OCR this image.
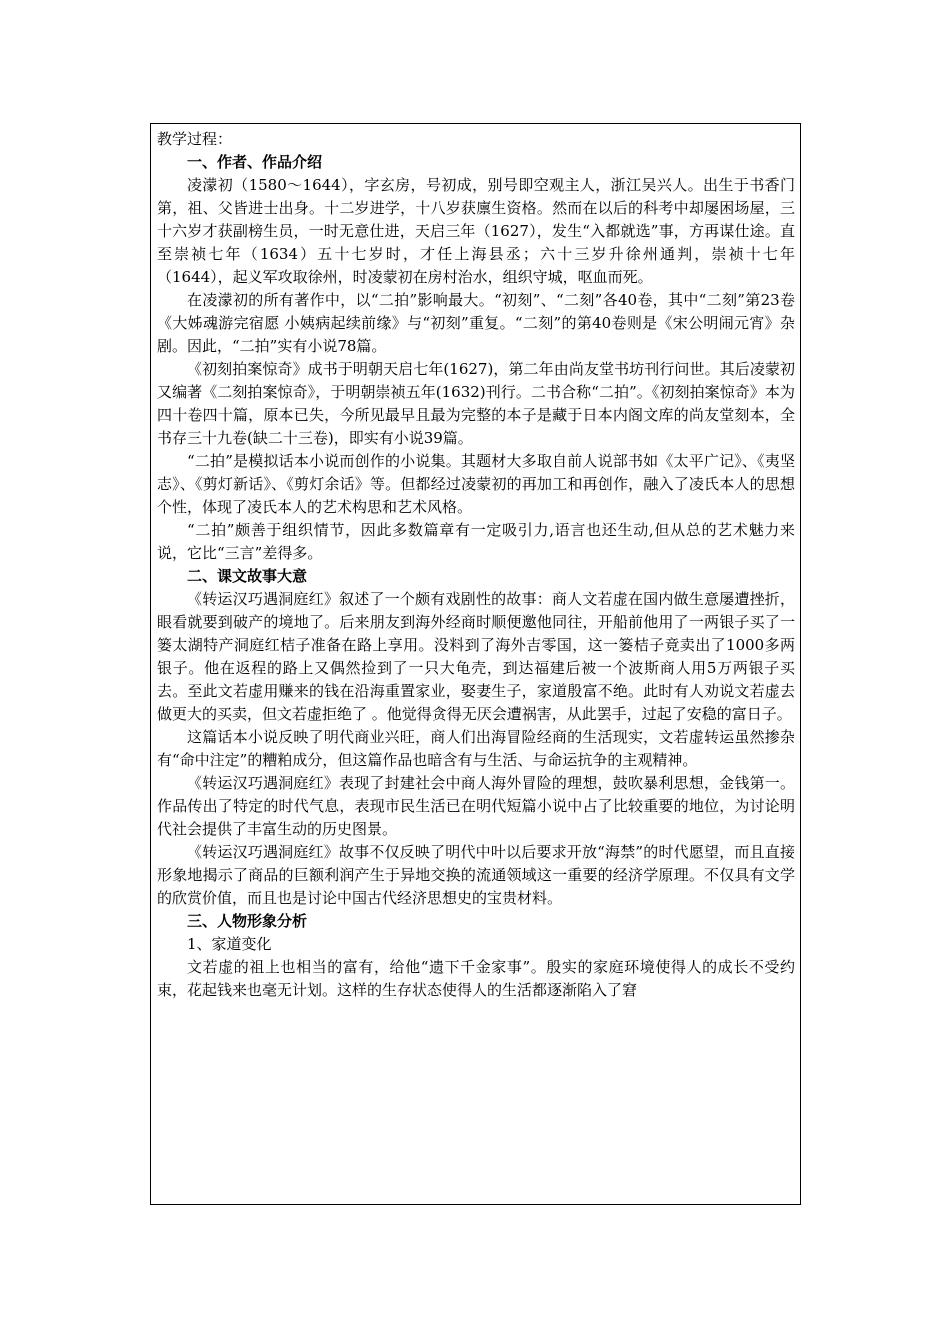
教学过程：

一、作者、作品介绍

凌濛初（1580～1644），字玄房，号初成，别号即空观主人，浙江吴兴人。出生于书香门第，祖、父皆进士出身。十二岁进学，十八岁获廪生资格。然而在以后的科考中却屡困场屋，三十六岁才获副榜生员，一时无意仕进，天启三年（1627），发生“入都就选”事，方再谋仕途。直至崇祯七年（1634）五十七岁时，才任上海县丞；六十三岁升徐州通判，崇祯十七年（1644），起义军攻取徐州，时凌蒙初在房村治水，组织守城，呕血而死。

在凌濛初的所有著作中，以“二拍”影响最大。“初刻”、“二刻”各40卷，其中“二刻”第23卷《大姊魂游完宿愿 小姨病起续前缘》与“初刻”重复。“二刻”的第40卷则是《宋公明闹元宵》杂剧。因此，“二拍”实有小说78篇。

《初刻拍案惊奇》成书于明朝天启七年(1627)，第二年由尚友堂书坊刊行问世。其后凌蒙初又编著《二刻拍案惊奇》，于明朝崇祯五年(1632)刊行。二书合称“二拍”。《初刻拍案惊奇》本为四十卷四十篇，原本已失，今所见最早且最为完整的本子是藏于日本内阁文库的尚友堂刻本，全书存三十九卷(缺二十三卷)，即实有小说39篇。

“二拍”是模拟话本小说而创作的小说集。其题材大多取自前人说部书如《太平广记》、《夷坚志》、《剪灯新话》、《剪灯余话》等。但都经过凌蒙初的再加工和再创作，融入了凌氏本人的思想个性，体现了凌氏本人的艺术构思和艺术风格。

“二拍”颇善于组织情节，因此多数篇章有一定吸引力,语言也还生动,但从总的艺术魅力来说，它比“三言”差得多。

二、课文故事大意

《转运汉巧遇洞庭红》叙述了一个颇有戏剧性的故事：商人文若虚在国内做生意屡遭挫折，眼看就要到破产的境地了。后来朋友到海外经商时顺便邀他同往，开船前他用了一两银子买了一篓太湖特产洞庭红桔子准备在路上享用。没料到了海外吉零国，这一篓桔子竟卖出了1000多两银子。他在返程的路上又偶然捡到了一只大龟壳，到达福建后被一个波斯商人用5万两银子买去。至此文若虚用赚来的钱在沿海重置家业，娶妻生子，家道殷富不绝。此时有人劝说文若虚去做更大的买卖，但文若虚拒绝了 。他觉得贪得无厌会遭祸害，从此罢手，过起了安稳的富日子。

这篇话本小说反映了明代商业兴旺，商人们出海冒险经商的生活现实，文若虚转运虽然掺杂有“命中注定”的糟粕成分，但这篇作品也暗含有与生活、与命运抗争的主观精神。

《转运汉巧遇洞庭红》表现了封建社会中商人海外冒险的理想，鼓吹暴利思想，金钱第一。作品传出了特定的时代气息，表现市民生活已在明代短篇小说中占了比较重要的地位，为讨论明代社会提供了丰富生动的历史图景。

《转运汉巧遇洞庭红》故事不仅反映了明代中叶以后要求开放“海禁”的时代愿望，而且直接形象地揭示了商品的巨额利润产生于异地交换的流通领域这一重要的经济学原理。不仅具有文学的欣赏价值，而且也是讨论中国古代经济思想史的宝贵材料。

三、人物形象分析

1、家道变化

文若虚的祖上也相当的富有，给他“遗下千金家事”。殷实的家庭环境使得人的成长不受约束，花起钱来也毫无计划。这样的生存状态使得人的生活都逐渐陷入了窘
